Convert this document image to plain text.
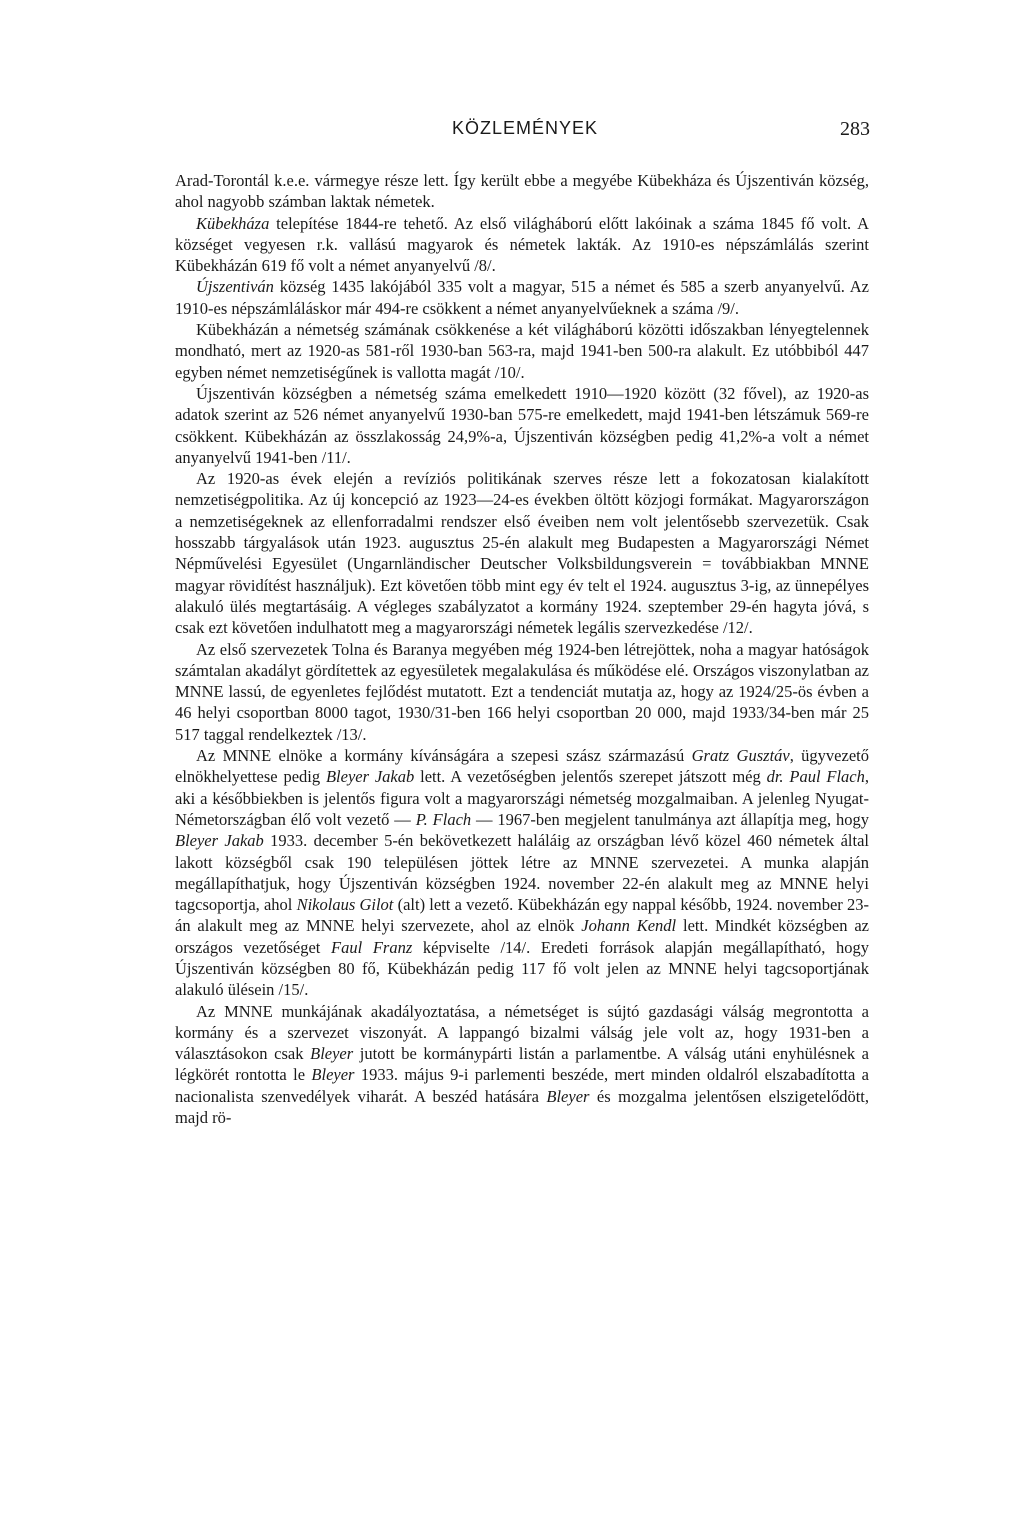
KÖZLEMÉNYEK	283

Arad-Torontál k.e.e. vármegye része lett. Így került ebbe a megyébe Kübekháza és Újszentiván község, ahol nagyobb számban laktak németek.

Kübekháza telepítése 1844-re tehető. Az első világháború előtt lakóinak a száma 1845 fő volt. A községet vegyesen r.k. vallású magyarok és németek lakták. Az 1910-es népszámlálás szerint Kübekházán 619 fő volt a német anyanyelvű /8/.

Újszentiván község 1435 lakójából 335 volt a magyar, 515 a német és 585 a szerb anyanyelvű. Az 1910-es népszámláláskor már 494-re csökkent a német anyanyelvűeknek a száma /9/.

Kübekházán a németség számának csökkenése a két világháború közötti időszakban lényegtelennek mondható, mert az 1920-as 581-ről 1930-ban 563-ra, majd 1941-ben 500-ra alakult. Ez utóbbiból 447 egyben német nemzetiségűnek is vallotta magát /10/.

Újszentiván községben a németség száma emelkedett 1910—1920 között (32 fővel), az 1920-as adatok szerint az 526 német anyanyelvű 1930-ban 575-re emelkedett, majd 1941-ben létszámuk 569-re csökkent. Kübekházán az összlakosság 24,9%-a, Újszentiván községben pedig 41,2%-a volt a német anyanyelvű 1941-ben /11/.

Az 1920-as évek elején a revíziós politikának szerves része lett a fokozatosan kialakított nemzetiségpolitika. Az új koncepció az 1923—24-es években öltött közjogi formákat. Magyarországon a nemzetiségeknek az ellenforradalmi rendszer első éveiben nem volt jelentősebb szervezetük. Csak hosszabb tárgyalások után 1923. augusztus 25-én alakult meg Budapesten a Magyarországi Német Népművelési Egyesület (Ungarnländischer Deutscher Volksbildungsverein = továbbiakban MNNE magyar rövidítést használjuk). Ezt követően több mint egy év telt el 1924. augusztus 3-ig, az ünnepélyes alakuló ülés megtartásáig. A végleges szabályzatot a kormány 1924. szeptember 29-én hagyta jóvá, s csak ezt követően indulhatott meg a magyarországi németek legális szervezkedése /12/.

Az első szervezetek Tolna és Baranya megyében még 1924-ben létrejöttek, noha a magyar hatóságok számtalan akadályt gördítettek az egyesületek megalakulása és működése elé. Országos viszonylatban az MNNE lassú, de egyenletes fejlődést mutatott. Ezt a tendenciát mutatja az, hogy az 1924/25-ös évben a 46 helyi csoportban 8000 tagot, 1930/31-ben 166 helyi csoportban 20 000, majd 1933/34-ben már 25 517 taggal rendelkeztek /13/.

Az MNNE elnöke a kormány kívánságára a szepesi szász származású Gratz Gusztáv, ügyvezető elnökhelyettese pedig Bleyer Jakab lett. A vezetőségben jelentős szerepet játszott még dr. Paul Flach, aki a későbbiekben is jelentős figura volt a magyarországi németség mozgalmaiban. A jelenleg Nyugat-Németországban élő volt vezető — P. Flach — 1967-ben megjelent tanulmánya azt állapítja meg, hogy Bleyer Jakab 1933. december 5-én bekövetkezett haláláig az országban lévő közel 460 németek által lakott községből csak 190 településen jöttek létre az MNNE szervezetei. A munka alapján megállapíthatjuk, hogy Újszentiván községben 1924. november 22-én alakult meg az MNNE helyi tagcsoportja, ahol Nikolaus Gilot (alt) lett a vezető. Kübekházán egy nappal később, 1924. november 23-án alakult meg az MNNE helyi szervezete, ahol az elnök Johann Kendl lett. Mindkét községben az országos vezetőséget Faul Franz képviselte /14/. Eredeti források alapján megállapítható, hogy Újszentiván községben 80 fő, Kübekházán pedig 117 fő volt jelen az MNNE helyi tagcsoportjának alakuló ülésein /15/.

Az MNNE munkájának akadályoztatása, a németséget is sújtó gazdasági válság megrontotta a kormány és a szervezet viszonyát. A lappangó bizalmi válság jele volt az, hogy 1931-ben a választásokon csak Bleyer jutott be kormánypárti listán a parlamentbe. A válság utáni enyhülésnek a légkörét rontotta le Bleyer 1933. május 9-i parlementi beszéde, mert minden oldalról elszabadította a nacionalista szenvedélyek viharát. A beszéd hatására Bleyer és mozgalma jelentősen elszigetelődött, majd rö-
